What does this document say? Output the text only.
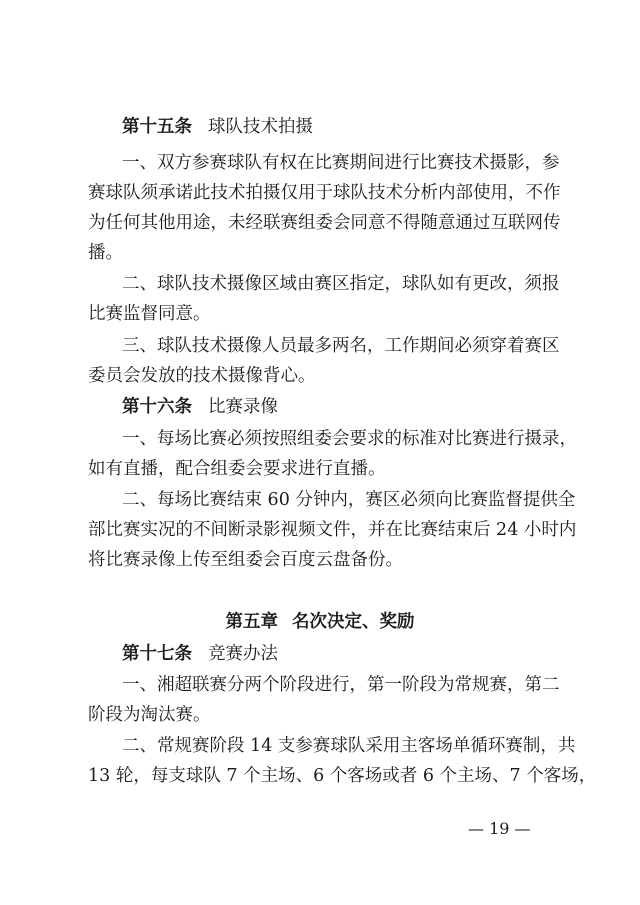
第十五条 球队技术拍摄
一、双方参赛球队有权在比赛期间进行比赛技术摄影，参
赛球队须承诺此技术拍摄仅用于球队技术分析内部使用，不作
为任何其他用途，未经联赛组委会同意不得随意通过互联网传
播。
二、球队技术摄像区域由赛区指定，球队如有更改，须报
比赛监督同意。
三、球队技术摄像人员最多两名，工作期间必须穿着赛区
委员会发放的技术摄像背心。
第十六条 比赛录像
一、每场比赛必须按照组委会要求的标准对比赛进行摄录，
如有直播，配合组委会要求进行直播。
二、每场比赛结束 60 分钟内，赛区必须向比赛监督提供全
部比赛实况的不间断录影视频文件，并在比赛结束后 24 小时内
第五章 名次决定、奖励
第十七条 竞赛办法
一、湘超联赛分两个阶段进行，第一阶段为常规赛，第二
阶段为淘汰赛。
二、常规赛阶段 14 支参赛球队采用主客场单循环赛制，共
13 轮，每支球队 7 个主场、6 个客场或者 6 个主场、7 个客场，
— 19 —
将比赛录像上传至组委会百度云盘备份。
